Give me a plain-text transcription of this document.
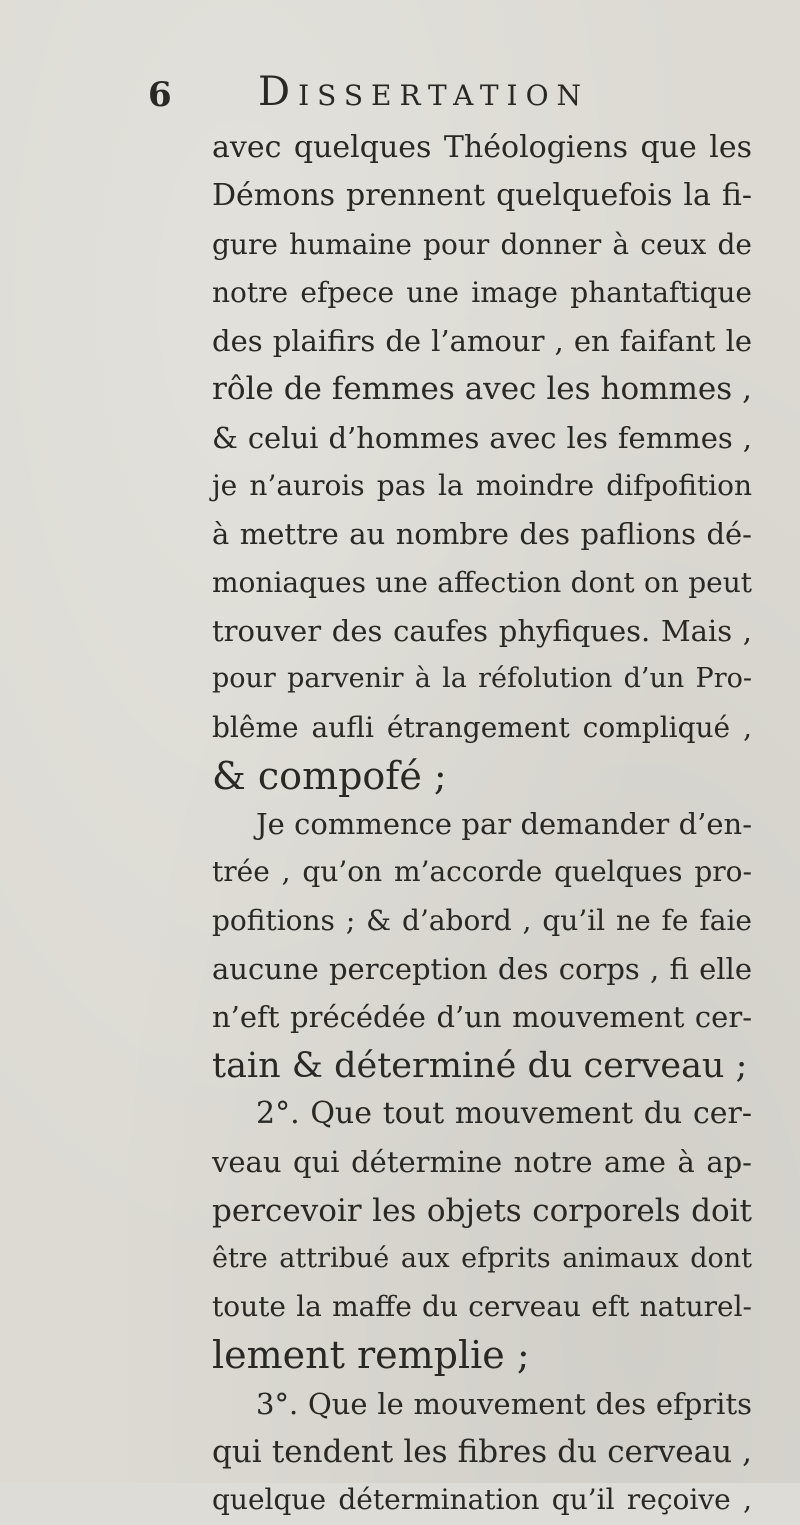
6 Dissertation
avec quelques Théologiens que les
Démons prennent quelquefois la fi-
gure humaine pour donner à ceux de
notre efpece une image phantaftique
des plaifirs de l’amour , en faifant le
rôle de femmes avec les hommes ,
& celui d’hommes avec les femmes ,
je n’aurois pas la moindre difpofition
à mettre au nombre des paflions dé-
moniaques une affection dont on peut
trouver des caufes phyfiques. Mais ,
pour parvenir à la réfolution d’un Pro-
blême aufli étrangement compliqué ,
& compofé ;
Je commence par demander d’en-
trée , qu’on m’accorde quelques pro-
pofitions ; & d’abord , qu’il ne fe faie
aucune perception des corps , fi elle
n’eft précédée d’un mouvement cer-
tain & déterminé du cerveau ;
2°. Que tout mouvement du cer-
veau qui détermine notre ame à ap-
percevoir les objets corporels doit
être attribué aux efprits animaux dont
toute la maffe du cerveau eft naturel-
lement remplie ;
3°. Que le mouvement des efprits
qui tendent les fibres du cerveau ,
quelque détermination qu’il reçoive ,
